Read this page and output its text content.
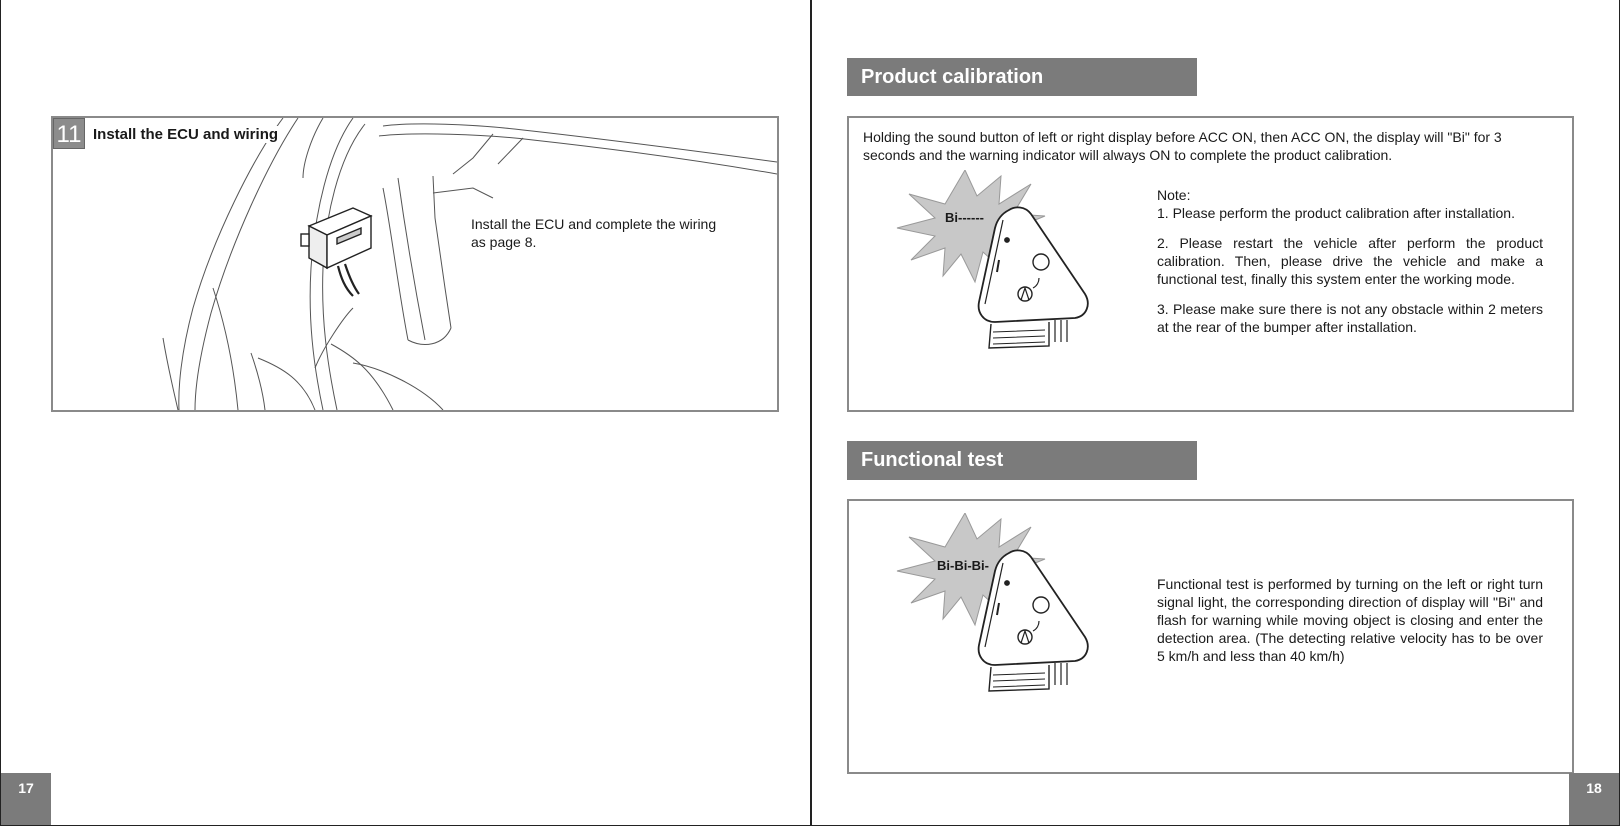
11 Install the ECU and wiring
Install the ECU and complete the wiring
as page 8.
17
Product calibration
Holding the sound button of left or right display before ACC ON, then ACC ON, the display will "Bi" for 3
seconds and the warning indicator will always ON to complete the product calibration.
Bi------
Note:
1. Please perform the product calibration after installation.
2. Please restart the vehicle after perform the product calibration. Then, please drive the vehicle and make a functional test, finally this system enter the working mode.
3. Please make sure there is not any obstacle within 2 meters at the rear of the bumper after installation.
Functional test
Bi-Bi-Bi-
Functional test is performed by turning on the left or right turn signal light, the corresponding direction of display will "Bi" and flash for warning while moving object is closing and enter the detection area. (The detecting relative velocity has to be over 5 km/h and less than 40 km/h)
18
